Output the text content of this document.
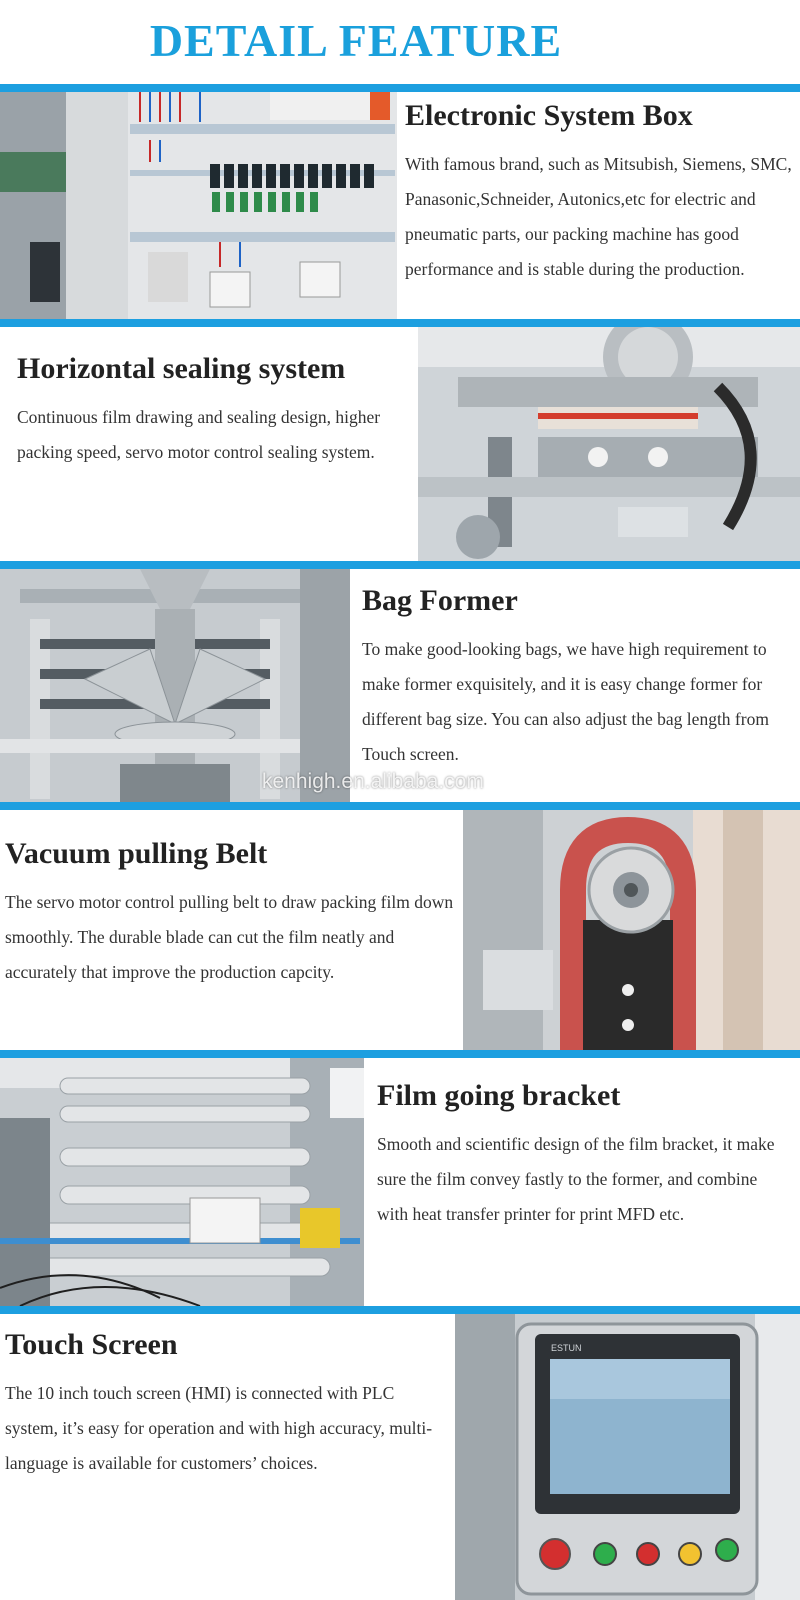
DETAIL FEATURE
Electronic System Box

With famous brand, such as Mitsubish, Siemens, SMC, Panasonic,Schneider, Autonics,etc for electric and pneumatic parts, our packing machine has good performance and is stable during the production.

Horizontal sealing system

Continuous film drawing and sealing design, higher packing speed, servo motor control sealing system.

Bag Former

To make good-looking bags, we have high requirement to make former exquisitely, and it is easy change former for different bag size. You can also adjust the bag length from Touch screen.

kenhigh.en.alibaba.com
Vacuum pulling Belt

The servo motor control pulling belt to draw packing film down smoothly. The durable blade can cut the film neatly and accurately that improve the production capcity.

Film going bracket

Smooth and scientific design of the film bracket, it make sure the film convey fastly to the former, and combine with heat transfer printer for print MFD etc.

Touch Screen

The 10 inch touch screen (HMI) is connected with PLC system, it’s easy for operation and with high accuracy, multi-language is available for customers’ choices.

ESTUN
